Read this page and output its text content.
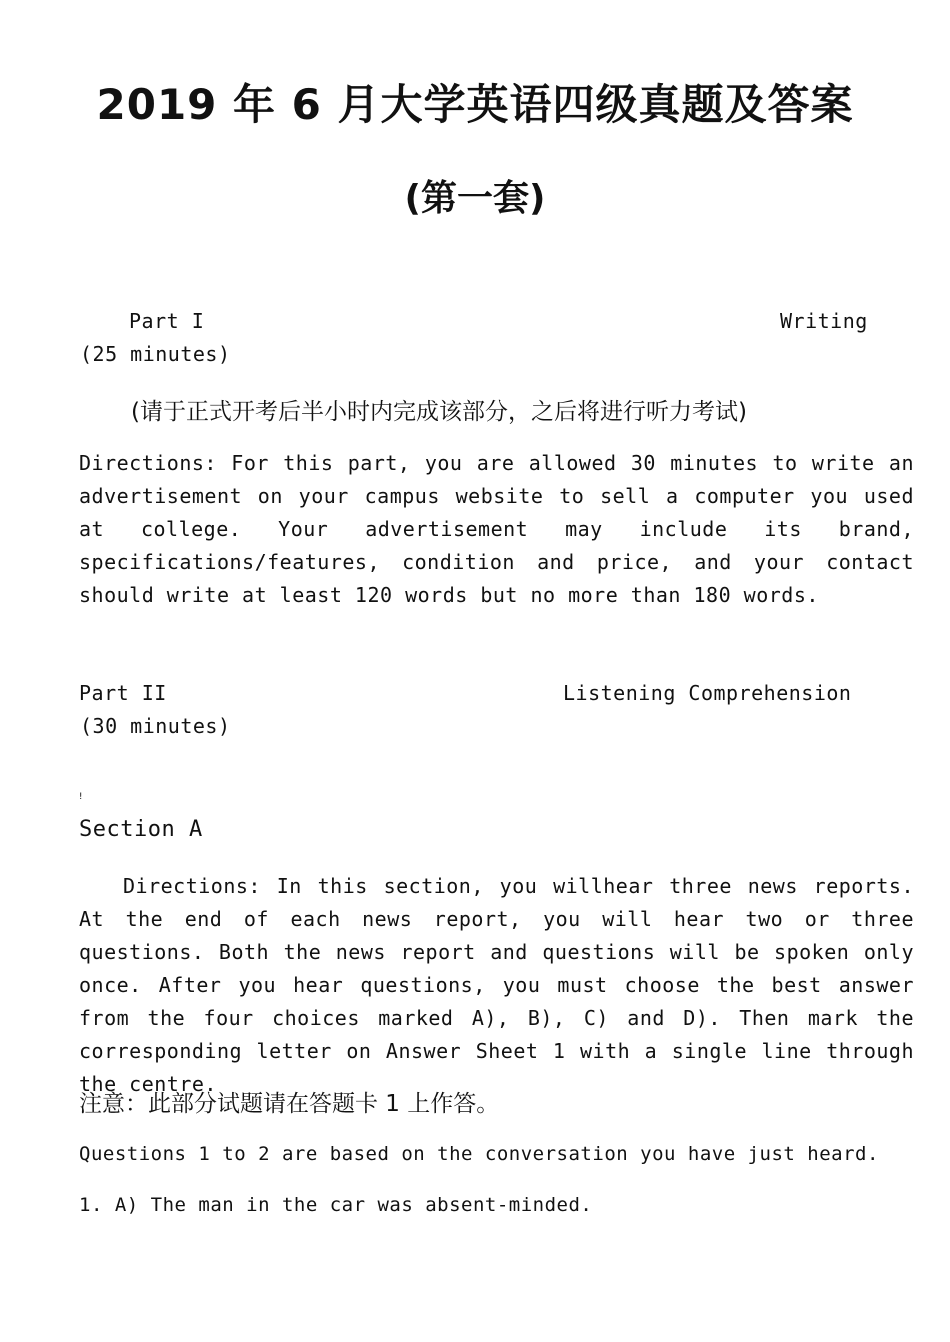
2019 年 6 月大学英语四级真题及答案
(第一套)
Part I	Writing
(25 minutes)
(请于正式开考后半小时内完成该部分，之后将进行听力考试)

Directions: For this part, you are allowed 30 minutes to write an advertisement on your campus website to sell a computer you used at college. Your advertisement may include its brand, specifications/features, condition and price, and your contact should write at least 120 words but no more than 180 words.

Part II	Listening Comprehension
(30 minutes)
!
Section A

Directions: In this section, you willhear three news reports. At the end of each news report, you will hear two or three questions. Both the news report and questions will be spoken only once. After you hear questions, you must choose the best answer from the four choices marked A), B), C) and D). Then mark the corresponding letter on Answer Sheet 1 with a single line through the centre.

注意：此部分试题请在答题卡 1 上作答。
Questions 1 to 2 are based on the conversation you have just heard.
1. A) The man in the car was absent-minded.
